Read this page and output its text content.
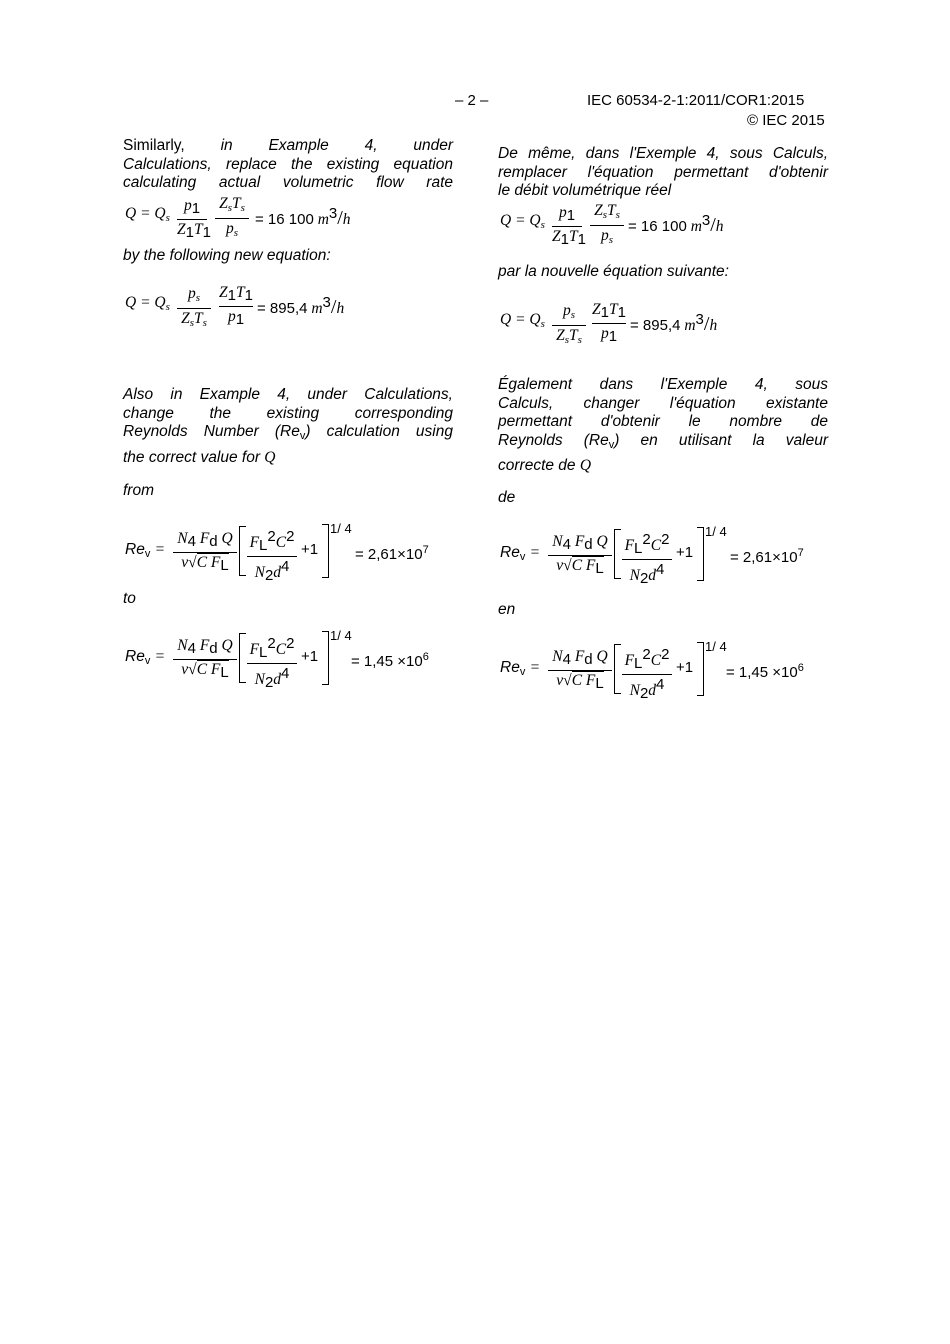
– 2 –	IEC 60534-2-1:2011/COR1:2015
© IEC 2015
Similarly, in Example 4, under
Calculations, replace the existing equation
calculating actual volumetric flow rate
$Q = Q_s$
p1
Z1T1
$Z_sT_s$
$p_s$
= 16 100 m3/h
by the following new equation:
$Q = Q_s$
$p_s$
$Z_sT_s$
Z1T1
p1
= 895,4 m3/h
Also in Example 4, under Calculations,
change the existing corresponding
Reynolds Number $(Re_v)$ calculation using
the correct value for Q
from
$Re_v$ =
N4 Fd Q
ν√C FL
FL2C2
N2d4
+1
1/ 4
= $2,61\times 10^7$
to
$Re_v$ =
N4 Fd Q
ν√C FL
FL2C2
N2d4
+1
1/ 4
= $1,45 \times 10^6$
De même, dans l'Exemple 4, sous Calculs,
remplacer l'équation permettant d'obtenir
le débit volumétrique réel
$Q = Q_s$
p1
Z1T1
$Z_sT_s$
$p_s$
= 16 100 m3/h
par la nouvelle équation suivante:
$Q = Q_s$
$p_s$
$Z_sT_s$
Z1T1
p1
= 895,4 m3/h
Également dans l'Exemple 4, sous
Calculs, changer l'équation existante
permettant d'obtenir le nombre de
Reynolds $(Re_v)$ en utilisant la valeur
correcte de Q
de
$Re_v$ =
N4 Fd Q
ν√C FL
FL2C2
N2d4
+1
1/ 4
= $2,61\times 10^7$
en
$Re_v$ =
N4 Fd Q
ν√C FL
FL2C2
N2d4
+1
1/ 4
= $1,45 \times 10^6$
